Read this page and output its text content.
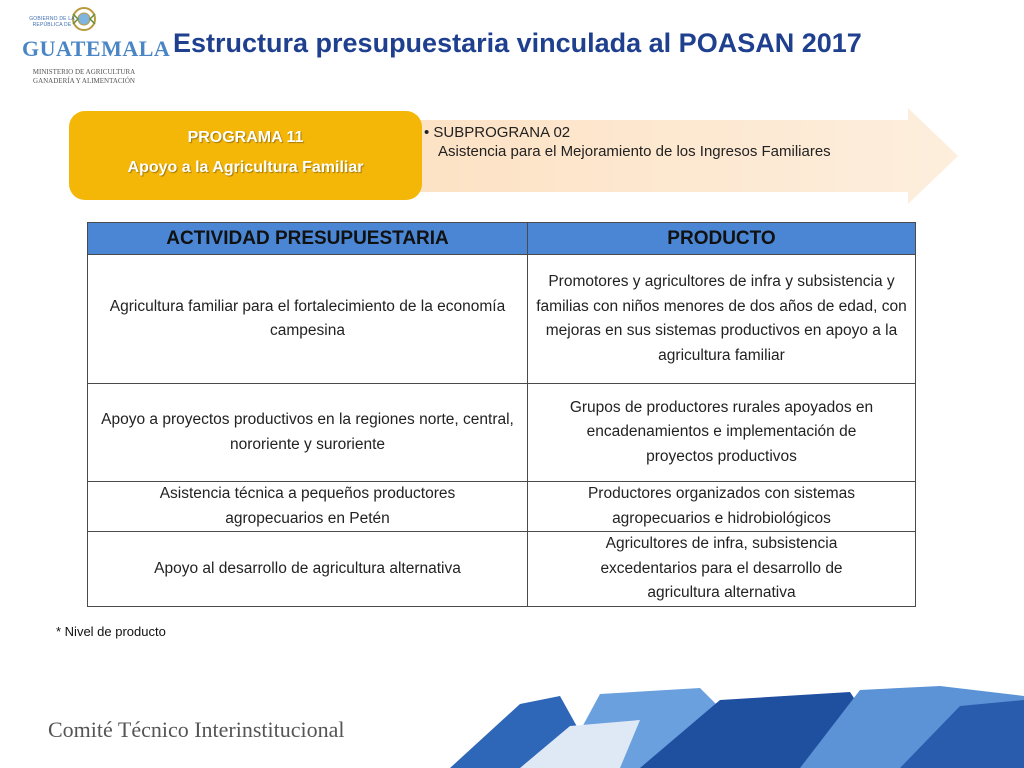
GOBIERNO DE LA REPÚBLICA DE
GUATEMALA
MINISTERIO DE AGRICULTURA
GANADERÍA Y ALIMENTACIÓN
Estructura presupuestaria vinculada al POASAN 2017
• SUBPROGRANA 02
Asistencia para el Mejoramiento de los Ingresos Familiares
PROGRAMA 11
Apoyo a la Agricultura Familiar
ACTIVIDAD PRESUPUESTARIA	PRODUCTO
Agricultura familiar para el fortalecimiento de la economía campesina	Promotores y agricultores de infra y subsistencia y familias con niños menores de dos años de edad, con mejoras en sus sistemas productivos en apoyo a la agricultura familiar
Apoyo a proyectos productivos en la regiones norte, central, nororiente y suroriente	Grupos de productores rurales apoyados en encadenamientos e implementación de proyectos productivos
Asistencia técnica a pequeños productores agropecuarios en Petén	Productores organizados con sistemas agropecuarios e hidrobiológicos
Apoyo al desarrollo de agricultura alternativa	Agricultores de infra, subsistencia excedentarios para el desarrollo de agricultura alternativa
* Nivel de producto
Comité Técnico Interinstitucional
